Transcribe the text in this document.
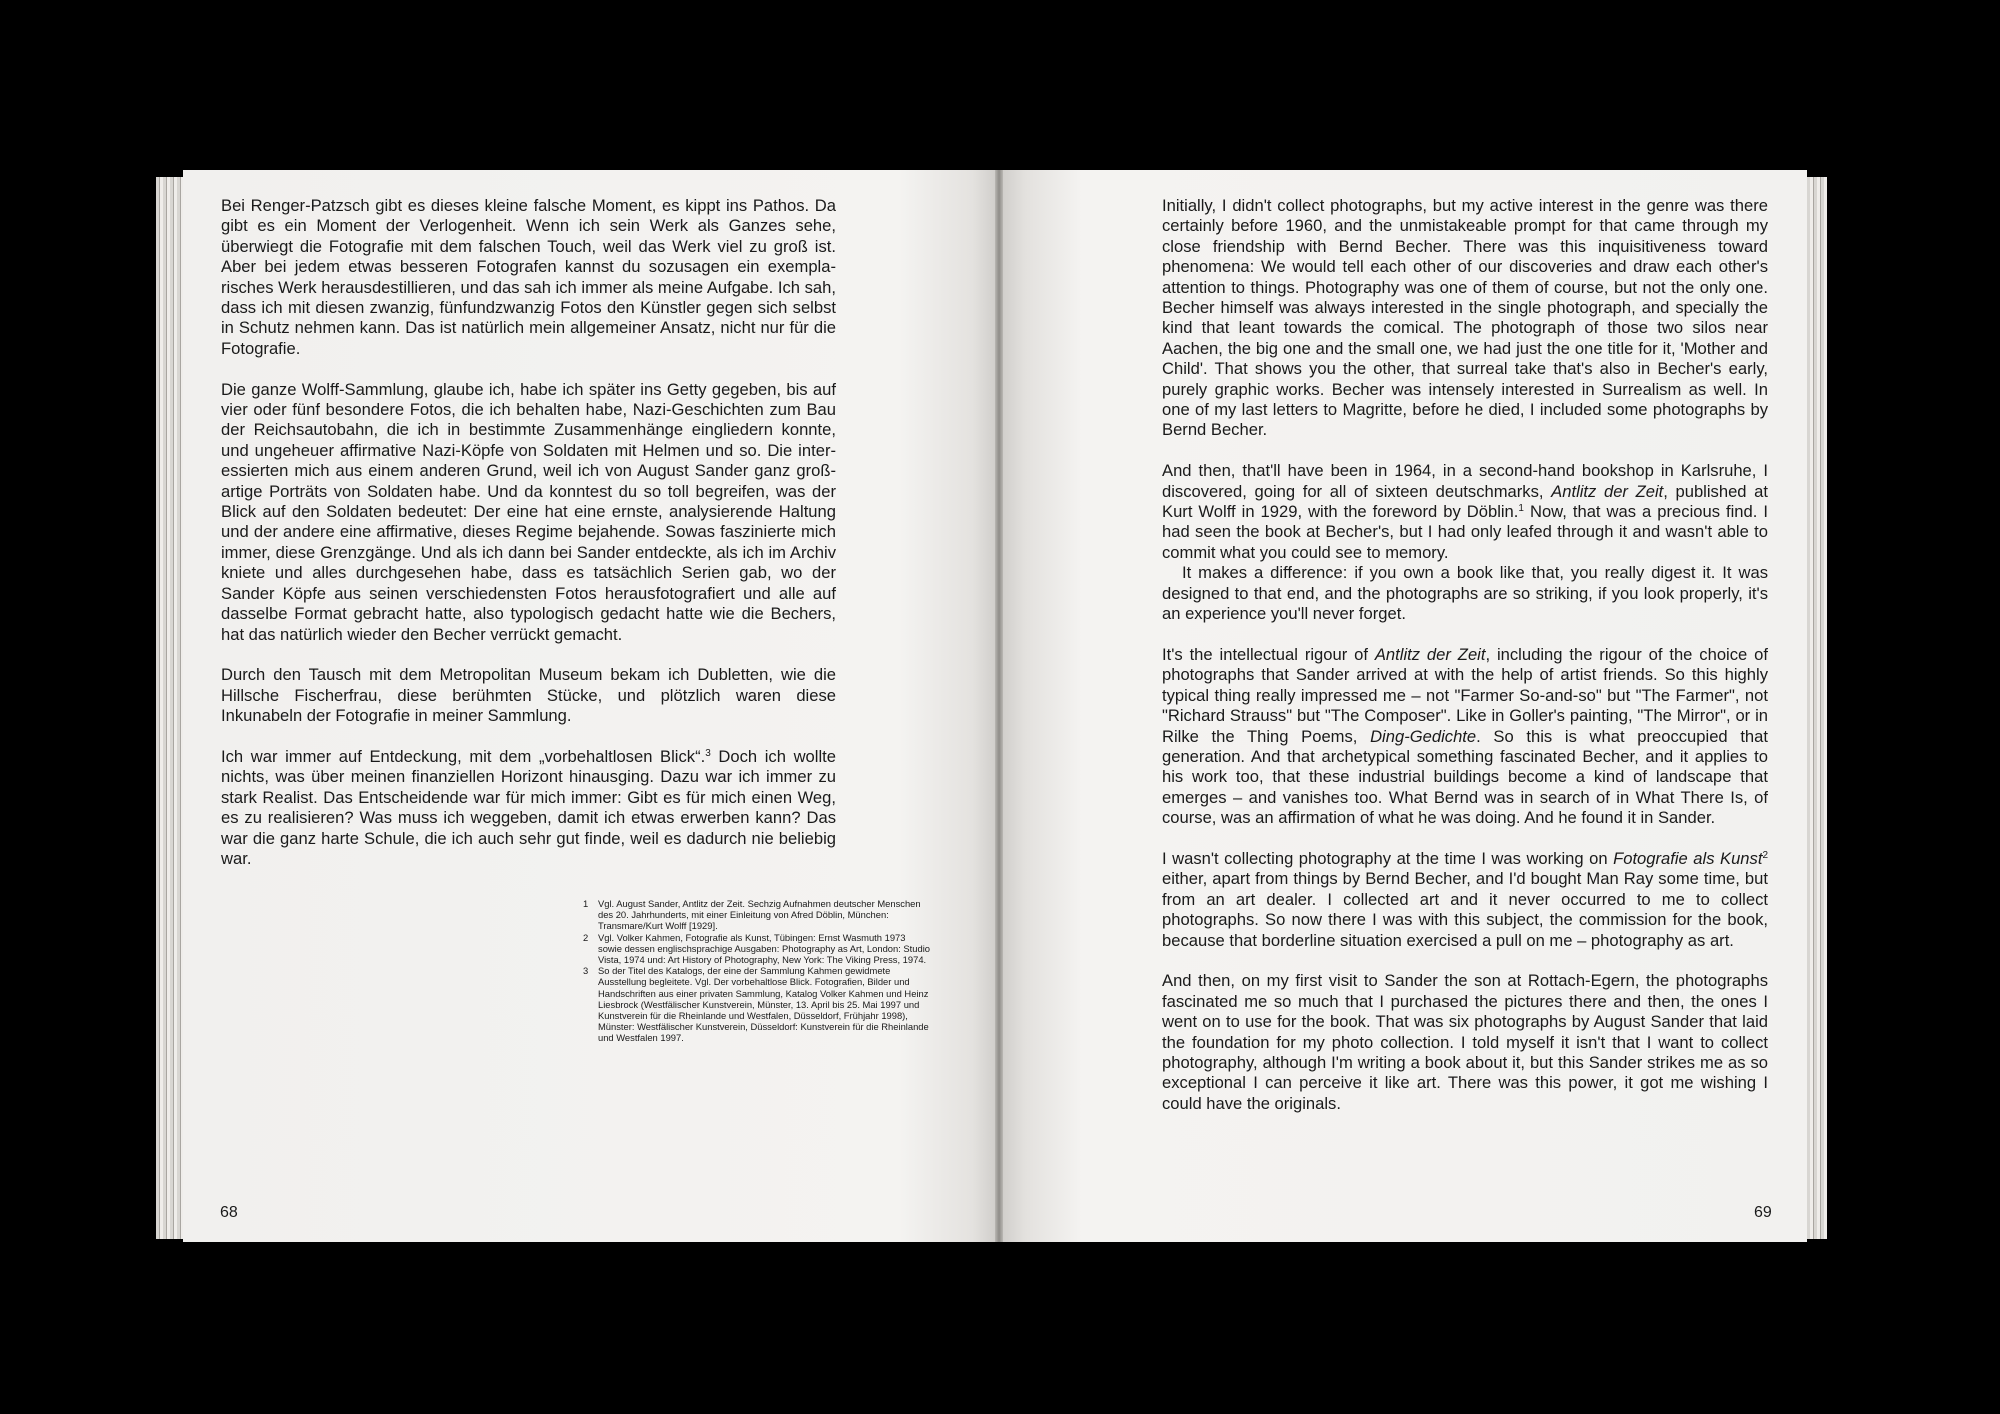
Bei Renger-Patzsch gibt es dieses kleine falsche Moment, es kippt ins Pathos. Da gibt es ein Moment der Verlogenheit. Wenn ich sein Werk als Ganzes sehe, überwiegt die Fotografie mit dem falschen Touch, weil das Werk viel zu groß ist. Aber bei jedem etwas besseren Fotografen kannst du sozusagen ein exemplarisches Werk herausdestillieren, und das sah ich immer als meine Aufgabe. Ich sah, dass ich mit diesen zwanzig, fünfundzwanzig Fotos den Künstler gegen sich selbst in Schutz nehmen kann. Das ist natürlich mein allgemeiner Ansatz, nicht nur für die Fotografie.

Die ganze Wolff-Sammlung, glaube ich, habe ich später ins Getty gegeben, bis auf vier oder fünf besondere Fotos, die ich behalten habe, Nazi-Geschichten zum Bau der Reichsautobahn, die ich in bestimmte Zusammenhänge eingliedern konnte, und ungeheuer affirmative Nazi-Köpfe von Soldaten mit Helmen und so. Die interessierten mich aus einem anderen Grund, weil ich von August Sander ganz großartige Porträts von Soldaten habe. Und da konntest du so toll begreifen, was der Blick auf den Soldaten bedeutet: Der eine hat eine ernste, analysierende Haltung und der andere eine affirmative, dieses Regime bejahende. Sowas faszinierte mich immer, diese Grenzgänge. Und als ich dann bei Sander entdeckte, als ich im Archiv kniete und alles durchgesehen habe, dass es tatsächlich Serien gab, wo der Sander Köpfe aus seinen verschiedensten Fotos herausfotografiert und alle auf dasselbe Format gebracht hatte, also typologisch gedacht hatte wie die Bechers, hat das natürlich wieder den Becher verrückt gemacht.

Durch den Tausch mit dem Metropolitan Museum bekam ich Dubletten, wie die Hillsche Fischerfrau, diese berühmten Stücke, und plötzlich waren diese Inkunabeln der Fotografie in meiner Sammlung.

Ich war immer auf Entdeckung, mit dem „vorbehaltlosen Blick“.$^3$ Doch ich wollte nichts, was über meinen finanziellen Horizont hinausging. Dazu war ich immer zu stark Realist. Das Entscheidende war für mich immer: Gibt es für mich einen Weg, es zu realisieren? Was muss ich weggeben, damit ich etwas erwerben kann? Das war die ganz harte Schule, die ich auch sehr gut finde, weil es dadurch nie beliebig war.

1 Vgl. August Sander, Antlitz der Zeit. Sechzig Aufnahmen deutscher Menschen des 20. Jahrhunderts, mit einer Einleitung von Afred Döblin, München: Transmare/Kurt Wolff [1929].
2 Vgl. Volker Kahmen, Fotografie als Kunst, Tübingen: Ernst Wasmuth 1973 sowie dessen englischsprachige Ausgaben: Photography as Art, London: Studio Vista, 1974 und: Art History of Photography, New York: The Viking Press, 1974.
3 So der Titel des Katalogs, der eine der Sammlung Kahmen gewidmete Ausstellung begleitete. Vgl. Der vorbehaltlose Blick. Fotografien, Bilder und Handschriften aus einer privaten Sammlung, Katalog Volker Kahmen und Heinz Liesbrock (Westfälischer Kunstverein, Münster, 13. April bis 25. Mai 1997 und Kunstverein für die Rheinlande und Westfalen, Düsseldorf, Frühjahr 1998), Münster: Westfälischer Kunstverein, Düsseldorf: Kunstverein für die Rheinlande und Westfalen 1997.
68

Initially, I didn't collect photographs, but my active interest in the genre was there certainly before 1960, and the unmistakeable prompt for that came through my close friendship with Bernd Becher. There was this inquisitiveness toward phenomena: We would tell each other of our discoveries and draw each other's attention to things. Photography was one of them of course, but not the only one. Becher himself was always interested in the single photograph, and specially the kind that leant towards the comical. The photograph of those two silos near Aachen, the big one and the small one, we had just the one title for it, 'Mother and Child'. That shows you the other, that surreal take that's also in Becher's early, purely graphic works. Becher was intensely interested in Surrealism as well. In one of my last letters to Magritte, before he died, I included some photographs by Bernd Becher.

And then, that'll have been in 1964, in a second-hand bookshop in Karlsruhe, I discovered, going for all of sixteen deutschmarks, Antlitz der Zeit, published at Kurt Wolff in 1929, with the foreword by Döblin.$^1$ Now, that was a precious find. I had seen the book at Becher's, but I had only leafed through it and wasn't able to commit what you could see to memory.

It makes a difference: if you own a book like that, you really digest it. It was designed to that end, and the photographs are so striking, if you look properly, it's an experience you'll never forget.

It's the intellectual rigour of Antlitz der Zeit, including the rigour of the choice of photographs that Sander arrived at with the help of artist friends. So this highly typical thing really impressed me – not "Farmer So-and-so" but "The Farmer", not "Richard Strauss" but "The Composer". Like in Goller's painting, "The Mirror", or in Rilke the Thing Poems, Ding-Gedichte. So this is what preoccupied that generation. And that archetypical something fascinated Becher, and it applies to his work too, that these industrial buildings become a kind of landscape that emerges – and vanishes too. What Bernd was in search of in What There Is, of course, was an affirmation of what he was doing. And he found it in Sander.

I wasn't collecting photography at the time I was working on Fotografie als Kunst$^2$ either, apart from things by Bernd Becher, and I'd bought Man Ray some time, but from an art dealer. I collected art and it never occurred to me to collect photographs. So now there I was with this subject, the commission for the book, because that borderline situation exercised a pull on me – photography as art.

And then, on my first visit to Sander the son at Rottach-Egern, the photographs fascinated me so much that I purchased the pictures there and then, the ones I went on to use for the book. That was six photographs by August Sander that laid the foundation for my photo collection. I told myself it isn't that I want to collect photography, although I'm writing a book about it, but this Sander strikes me as so exceptional I can perceive it like art. There was this power, it got me wishing I could have the originals.

69
